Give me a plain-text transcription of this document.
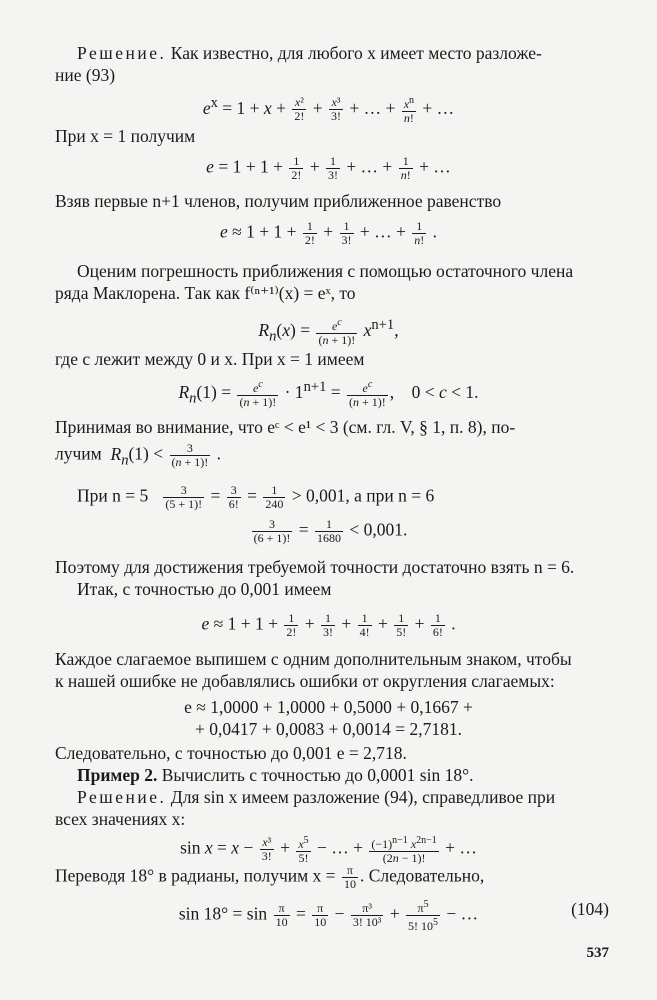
Решение. Как известно, для любого x имеет место разложе-
ние (93)
$e^x = 1 + x + \frac{\text{x²}}{2!} + \frac{\text{x³}}{3!}$ + … + $\frac{x^n}{n!}$ + …
При x = 1 получим
$e = 1 + 1 + \frac{1}{2!} + \frac{1}{3!}$ + … + $\frac{1}{n!}$ + …
Взяв первые n+1 членов, получим приближенное равенство
$e \approx 1 + 1 + \frac{1}{2!} + \frac{1}{3!}$ + … + $\frac{1}{n!}$ .
Оценим погрешность приближения с помощью остаточного члена
ряда Маклорена. Так как f⁽ⁿ⁺¹⁾(x) = eˣ, то
$R_n(x) = \frac{e^c}{(n + 1)!} x^{n+1}$,
где c лежит между 0 и x. При x = 1 имеем
$R_n(1) = \frac{e^c}{(n + 1)!} \cdot 1^{n+1} = \frac{e^c}{(n + 1)!}$ ,    0 < c < 1.
Принимая во внимание, что eᶜ < e¹ < 3 (см. гл. V, § 1, п. 8), по-
лучим $R_n(1) < \frac{3}{(n + 1)!}$ .
При $n = 5 \frac{3}{(5 + 1)!} = \frac{3}{6!} = \frac{1}{240} > 0,001$, а при n = 6
$\frac{3}{(6 + 1)!} = \frac{1}{1680} < 0,001$.
Поэтому для достижения требуемой точности достаточно взять n = 6.
Итак, с точностью до 0,001 имеем
$e \approx 1 + 1 + \frac{1}{2!} + \frac{1}{3!} + \frac{1}{4!} + \frac{1}{5!} + \frac{1}{6!}$ .
Каждое слагаемое выпишем с одним дополнительным знаком, чтобы
к нашей ошибке не добавлялись ошибки от округления слагаемых:
e ≈ 1,0000 + 1,0000 + 0,5000 + 0,1667 +
+ 0,0417 + 0,0083 + 0,0014 = 2,7181.
Следовательно, с точностью до 0,001 e = 2,718.
Пример 2. Вычислить с точностью до 0,0001 sin 18°.
Решение. Для sin x имеем разложение (94), справедливое при
всех значениях x:
$\sin x = x - \frac{\text{x³}}{3!} + \frac{x^5}{5!}$ − … + $\frac{(-1)^{n-1} x^{2n-1}}{(2n - 1)!}$ + …
Переводя 18° в радианы, получим $x = \frac{\pi}{10}$ . Следовательно,
$\sin 18^\circ = \sin \frac{\pi}{10} = \frac{\pi}{10} - \frac{\text{π³}}{\text{3! 10³}} + \frac{\pi^5}{5! 10^5}$ − …	(104)
537
